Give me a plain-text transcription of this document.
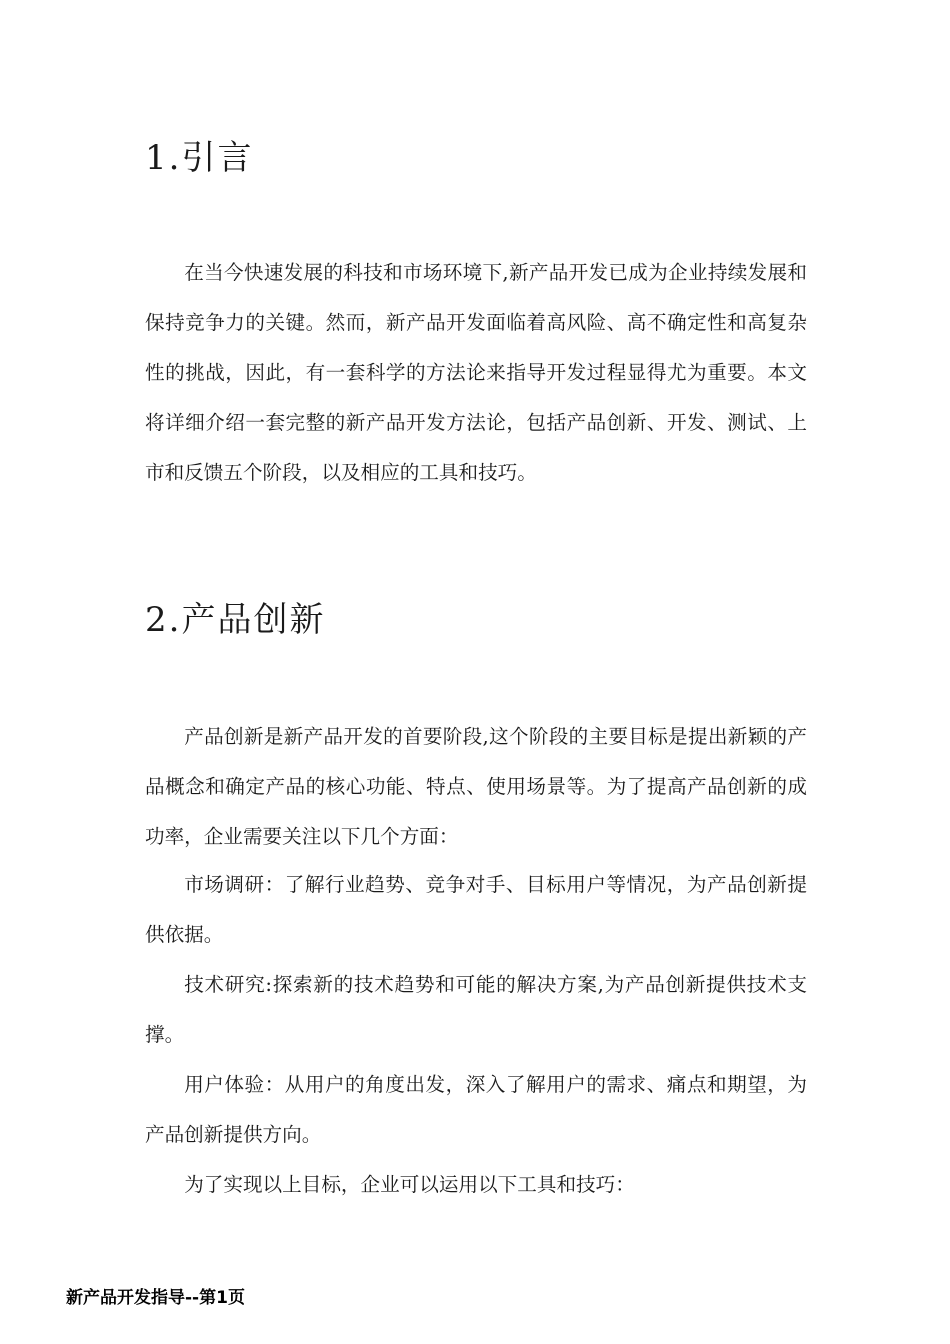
1.引言

在当今快速发展的科技和市场环境下,新产品开发已成为企业持续发展和保持竞争力的关键。然而，新产品开发面临着高风险、高不确定性和高复杂性的挑战，因此，有一套科学的方法论来指导开发过程显得尤为重要。本文将详细介绍一套完整的新产品开发方法论，包括产品创新、开发、测试、上市和反馈五个阶段，以及相应的工具和技巧。

2.产品创新

产品创新是新产品开发的首要阶段,这个阶段的主要目标是提出新颖的产品概念和确定产品的核心功能、特点、使用场景等。为了提高产品创新的成功率，企业需要关注以下几个方面：

市场调研：了解行业趋势、竞争对手、目标用户等情况，为产品创新提供依据。

技术研究:探索新的技术趋势和可能的解决方案,为产品创新提供技术支撑。

用户体验：从用户的角度出发，深入了解用户的需求、痛点和期望，为产品创新提供方向。

为了实现以上目标，企业可以运用以下工具和技巧：

新产品开发指导--第1页
